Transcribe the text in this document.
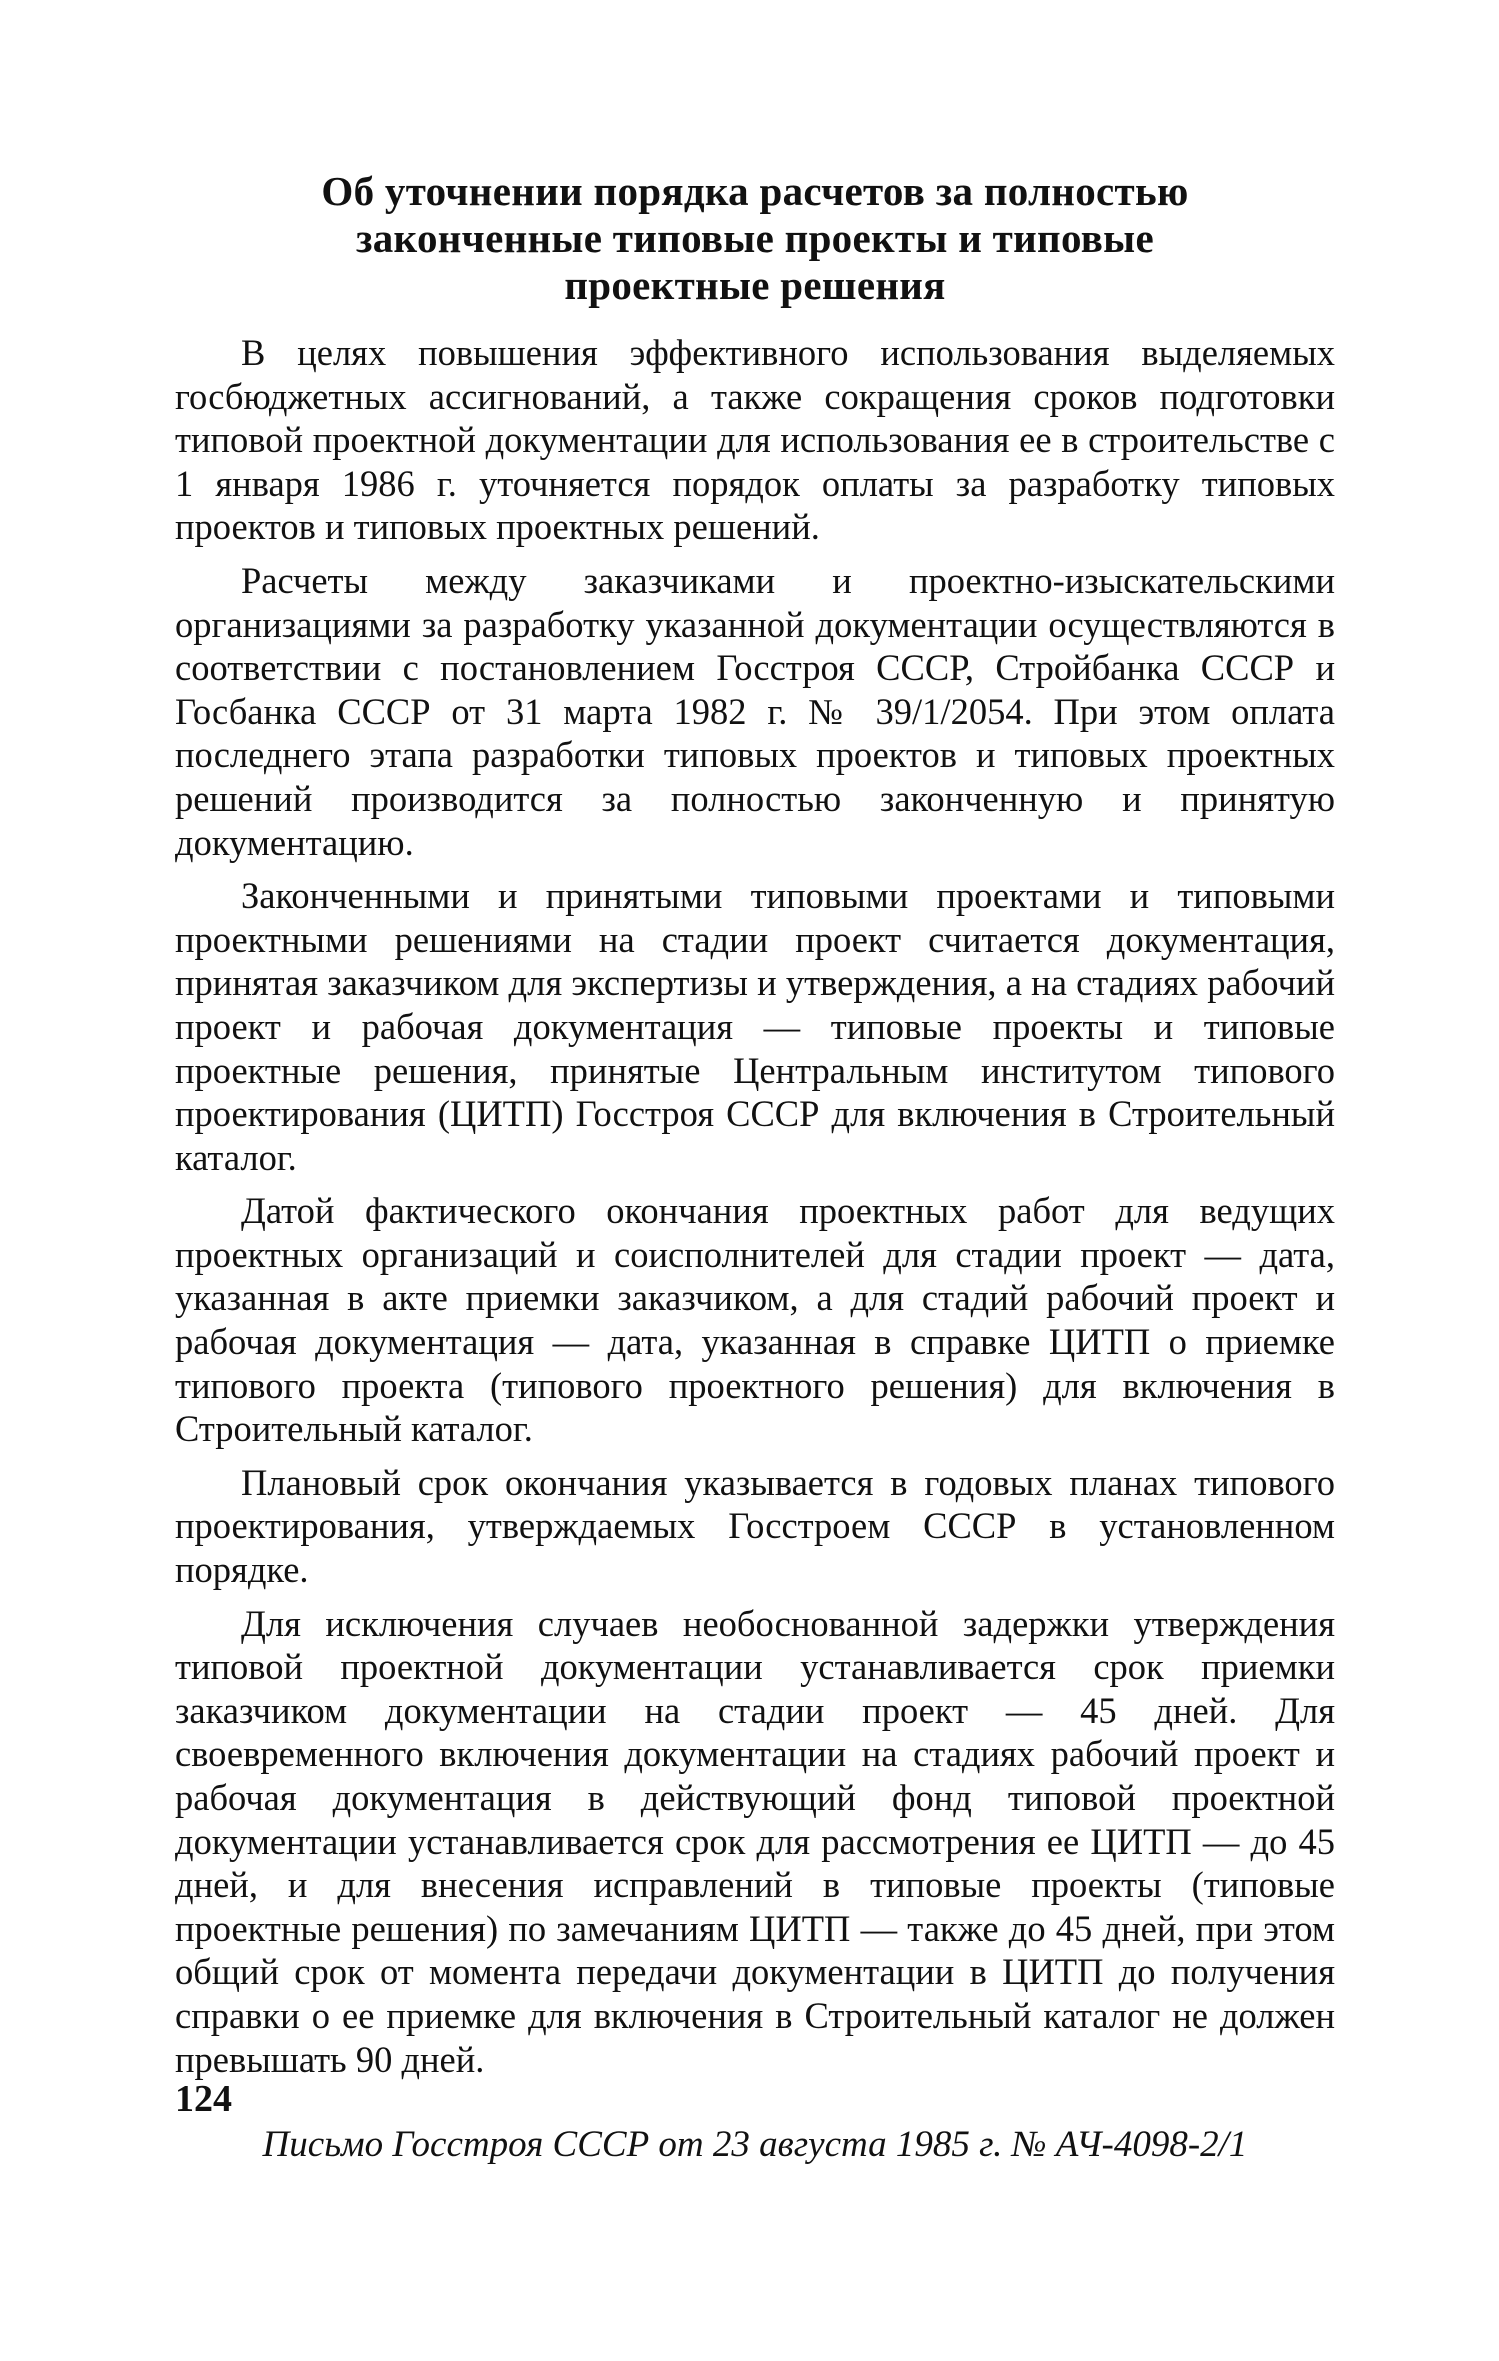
Об уточнении порядка расчетов за полностью
законченные типовые проекты и типовые
проектные решения

В целях повышения эффективного использования выделяемых госбюджетных ассигнований, а также сокращения сроков подготовки типовой проектной документации для использования ее в строительстве с 1 января 1986 г. уточняется порядок оплаты за разработку типовых проектов и типовых проектных решений.

Расчеты между заказчиками и проектно-изыскательскими организациями за разработку указанной документации осуществляются в соответствии с постановлением Госстроя СССР, Стройбанка СССР и Госбанка СССР от 31 марта 1982 г. № 39/1/2054. При этом оплата последнего этапа разработки типовых проектов и типовых проектных решений производится за полностью законченную и принятую документацию.

Законченными и принятыми типовыми проектами и типовыми проектными решениями на стадии проект считается документация, принятая заказчиком для экспертизы и утверждения, а на стадиях рабочий проект и рабочая документация — типовые проекты и типовые проектные решения, принятые Центральным институтом типового проектирования (ЦИТП) Госстроя СССР для включения в Строительный каталог.

Датой фактического окончания проектных работ для ведущих проектных организаций и соисполнителей для стадии проект — дата, указанная в акте приемки заказчиком, а для стадий рабочий проект и рабочая документация — дата, указанная в справке ЦИТП о приемке типового проекта (типового проектного решения) для включения в Строительный каталог.

Плановый срок окончания указывается в годовых планах типового проектирования, утверждаемых Госстроем СССР в установленном порядке.

Для исключения случаев необоснованной задержки утверждения типовой проектной документации устанавливается срок приемки заказчиком документации на стадии проект — 45 дней. Для своевременного включения документации на стадиях рабочий проект и рабочая документация в действующий фонд типовой проектной документации устанавливается срок для рассмотрения ее ЦИТП — до 45 дней, и для внесения исправлений в типовые проекты (типовые проектные решения) по замечаниям ЦИТП — также до 45 дней, при этом общий срок от момента передачи документации в ЦИТП до получения справки о ее приемке для включения в Строительный каталог не должен превышать 90 дней.

Письмо Госстроя СССР от 23 августа 1985 г. № АЧ-4098-2/1

124
